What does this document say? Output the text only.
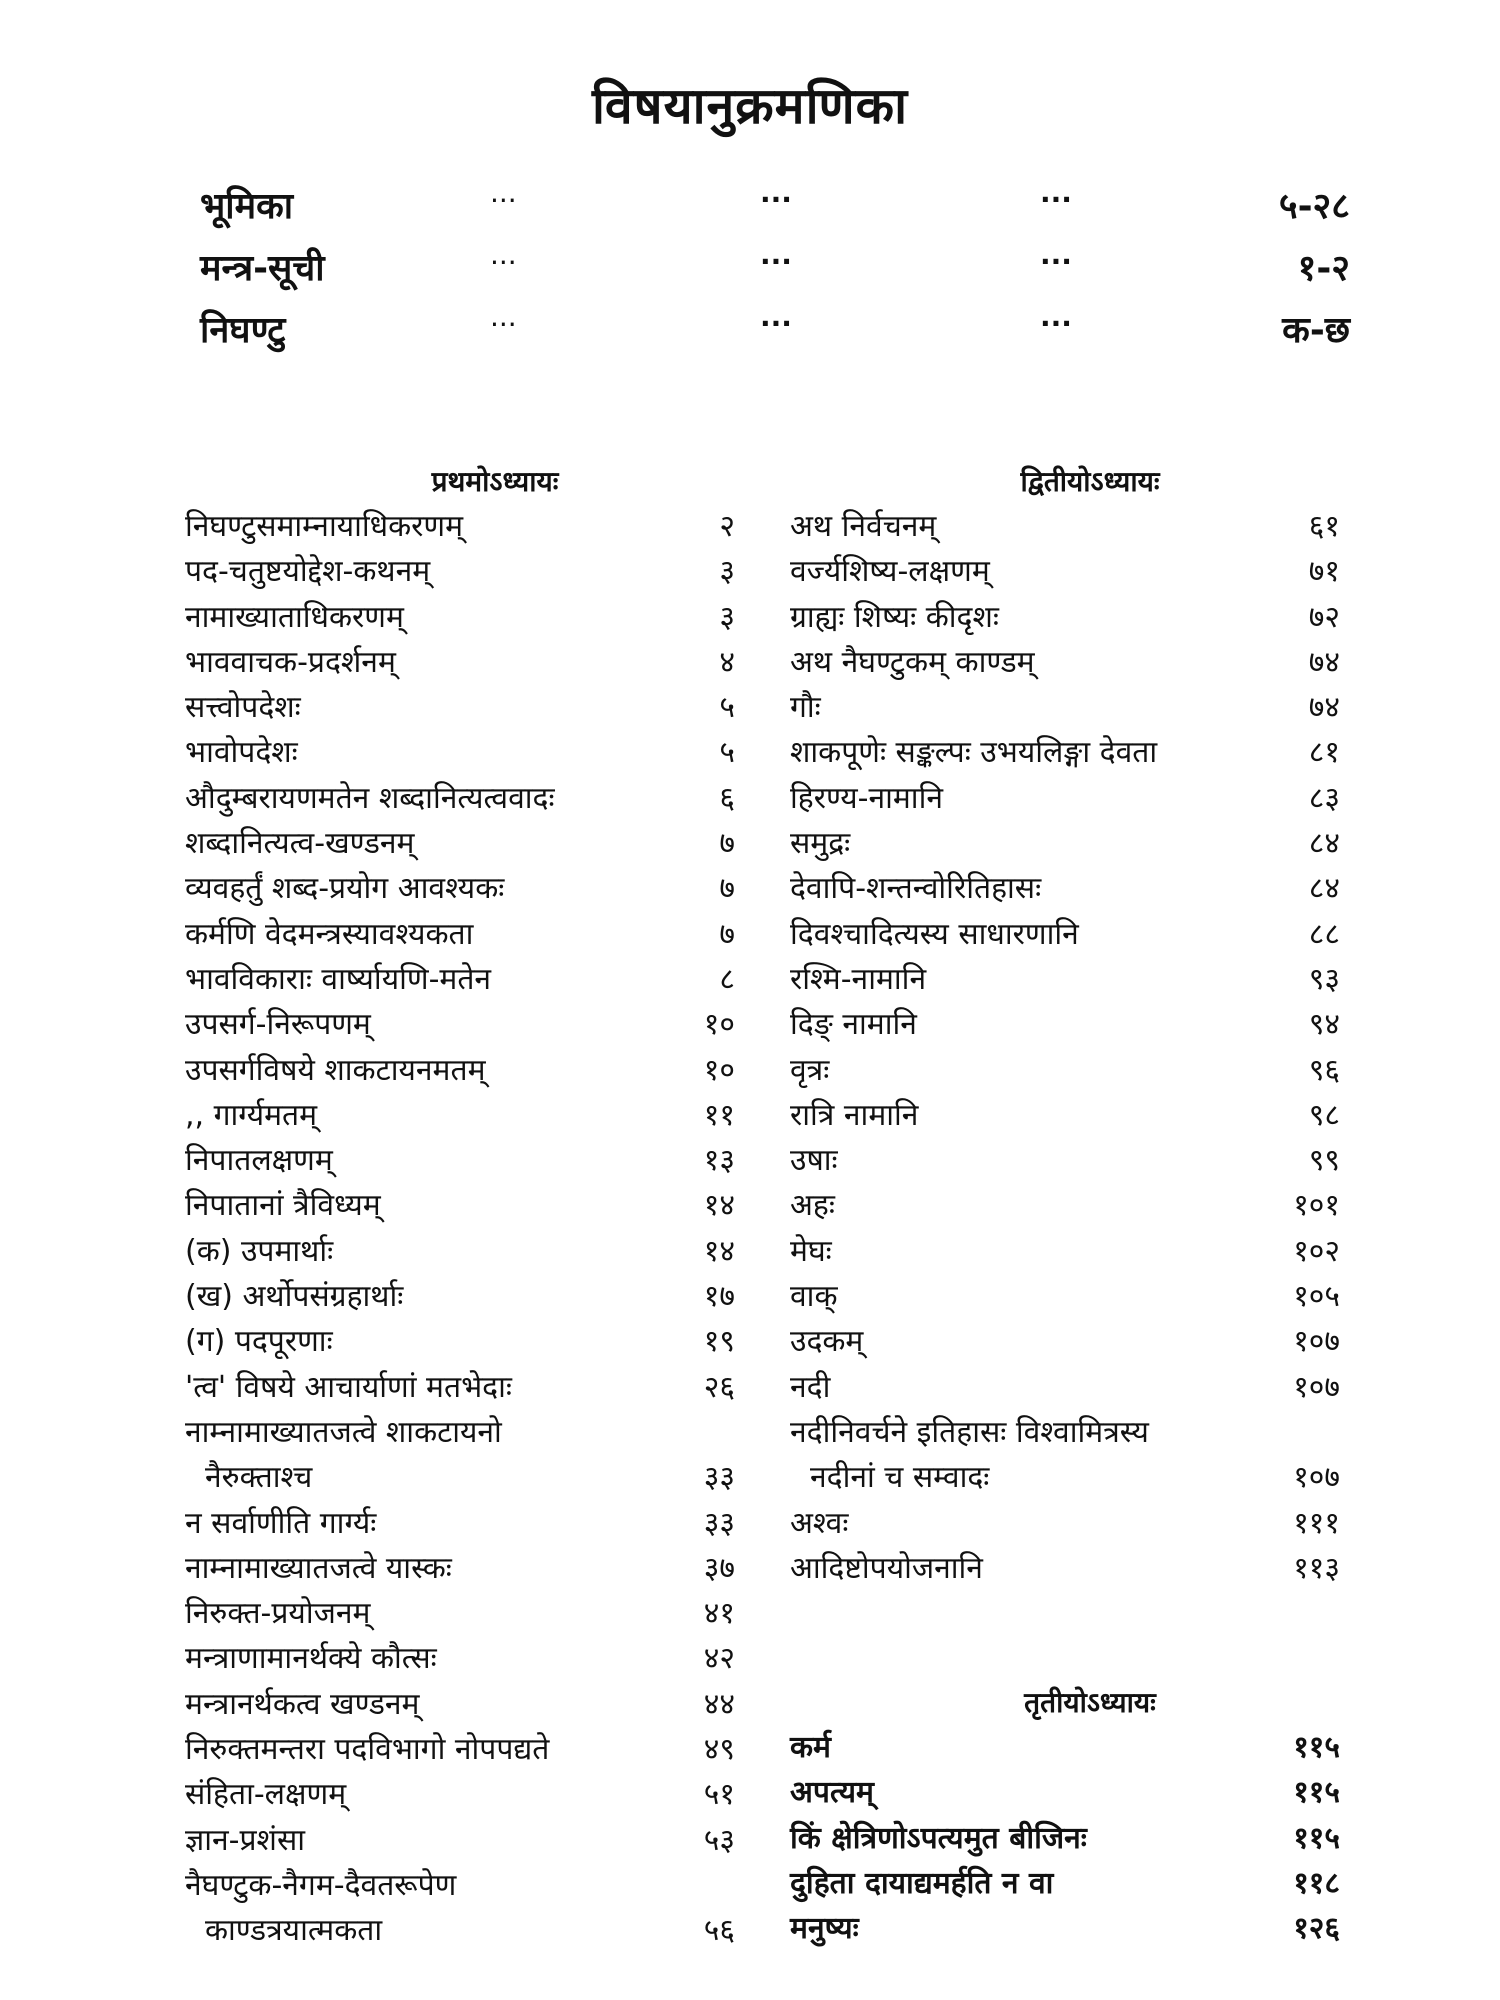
विषयानुक्रमणिका
भूमिका	...	...	...	५-२८
मन्त्र-सूची	...	...	...	१-२
निघण्टु	...	...	...	क-छ
प्रथमोऽध्यायः
निघण्टुसमाम्नायाधिकरणम्	२
पद-चतुष्टयोद्देश-कथनम्	३
नामाख्याताधिकरणम्	३
भाववाचक-प्रदर्शनम्	४
सत्त्वोपदेशः	५
भावोपदेशः	५
औदुम्बरायणमतेन शब्दानित्यत्ववादः	६
शब्दानित्यत्व-खण्डनम्	७
व्यवहर्तुं शब्द-प्रयोग आवश्यकः	७
कर्मणि वेदमन्त्रस्यावश्यकता	७
भावविकाराः वार्ष्यायणि-मतेन	८
उपसर्ग-निरूपणम्	१०
उपसर्गविषये शाकटायनमतम्	१०
,, गार्ग्यमतम्	११
निपातलक्षणम्	१३
निपातानां त्रैविध्यम्	१४
(क) उपमार्थाः	१४
(ख) अर्थोपसंग्रहार्थाः	१७
(ग) पदपूरणाः	१९
'त्व' विषये आचार्याणां मतभेदाः	२६
नाम्नामाख्यातजत्वे शाकटायनो
नैरुक्ताश्च	३३
न सर्वाणीति गार्ग्यः	३३
नाम्नामाख्यातजत्वे यास्कः	३७
निरुक्त-प्रयोजनम्	४१
मन्त्राणामानर्थक्ये कौत्सः	४२
मन्त्रानर्थकत्व खण्डनम्	४४
निरुक्तमन्तरा पदविभागो नोपपद्यते	४९
संहिता-लक्षणम्	५१
ज्ञान-प्रशंसा	५३
नैघण्टुक-नैगम-दैवतरूपेण
काण्डत्रयात्मकता	५६
द्वितीयोऽध्यायः
अथ निर्वचनम्	६१
वर्ज्यशिष्य-लक्षणम्	७१
ग्राह्यः शिष्यः कीदृशः	७२
अथ नैघण्टुकम् काण्डम्	७४
गौः	७४
शाकपूणेः सङ्कल्पः उभयलिङ्गा देवता	८१
हिरण्य-नामानि	८३
समुद्रः	८४
देवापि-शन्तन्वोरितिहासः	८४
दिवश्चादित्यस्य साधारणानि	८८
रश्मि-नामानि	९३
दिङ् नामानि	९४
वृत्रः	९६
रात्रि नामानि	९८
उषाः	९९
अहः	१०१
मेघः	१०२
वाक्	१०५
उदकम्	१०७
नदी	१०७
नदीनिवर्चने इतिहासः विश्वामित्रस्य
नदीनां च सम्वादः	१०७
अश्वः	१११
आदिष्टोपयोजनानि	११३
तृतीयोऽध्यायः
कर्म	११५
अपत्यम्	११५
किं क्षेत्रिणोऽपत्यमुत बीजिनः	११५
दुहिता दायाद्यमर्हति न वा	११८
मनुष्यः	१२६
